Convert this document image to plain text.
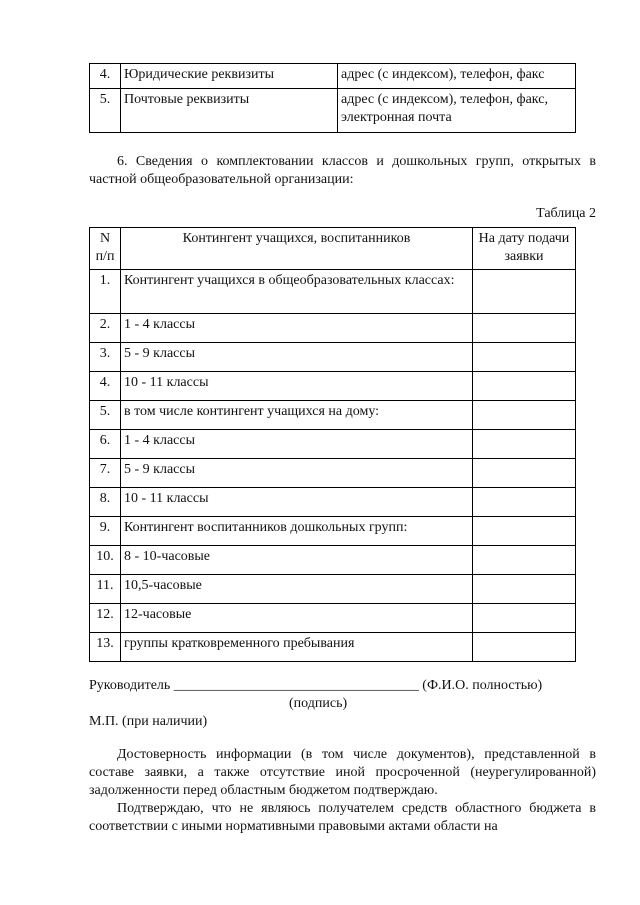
4.	Юридические реквизиты	адрес (с индексом), телефон, факс
5.	Почтовые реквизиты	адрес (с индексом), телефон, факс, электронная почта

6. Сведения о комплектовании классов и дошкольных групп, открытых в частной общеобразовательной организации:

Таблица 2
N п/п	Контингент учащихся, воспитанников	На дату подачи заявки
1.	Контингент учащихся в общеобразовательных классах:	
2.	1 - 4 классы	
3.	5 - 9 классы	
4.	10 - 11 классы	
5.	в том числе контингент учащихся на дому:	
6.	1 - 4 классы	
7.	5 - 9 классы	
8.	10 - 11 классы	
9.	Контингент воспитанников дошкольных групп:	
10.	8 - 10-часовые	
11.	10,5-часовые	
12.	12-часовые	
13.	группы кратковременного пребывания	
Руководитель ___________________________________ (Ф.И.О. полностью)
(подпись)
М.П. (при наличии)

Достоверность информации (в том числе документов), представленной в составе заявки, а также отсутствие иной просроченной (неурегулированной) задолженности перед областным бюджетом подтверждаю.

Подтверждаю, что не являюсь получателем средств областного бюджета в соответствии с иными нормативными правовыми актами области на
